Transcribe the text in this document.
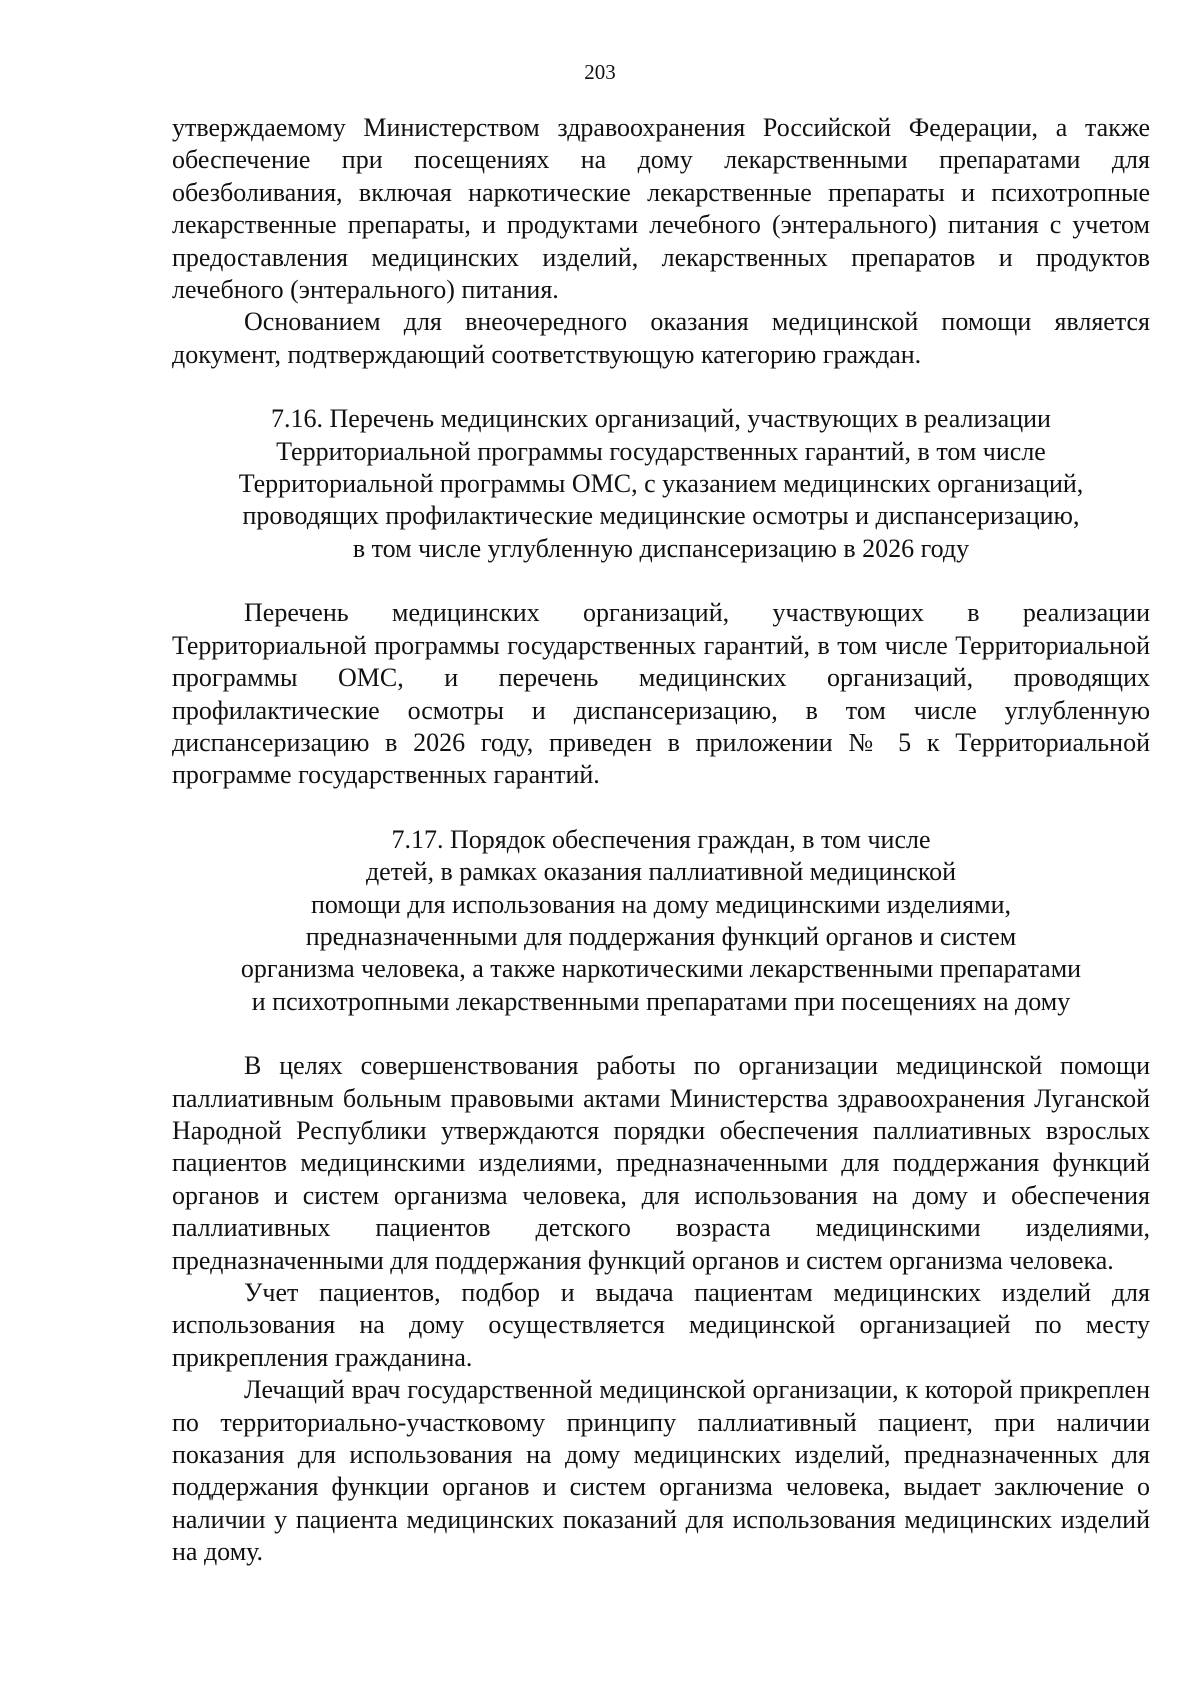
203

утверждаемому Министерством здравоохранения Российской Федерации, а также обеспечение при посещениях на дому лекарственными препаратами для обезболивания, включая наркотические лекарственные препараты и психотропные лекарственные препараты, и продуктами лечебного (энтерального) питания с учетом предоставления медицинских изделий, лекарственных препаратов и продуктов лечебного (энтерального) питания.

Основанием для внеочередного оказания медицинской помощи является документ, подтверждающий соответствующую категорию граждан.

7.16. Перечень медицинских организаций, участвующих в реализации
Территориальной программы государственных гарантий, в том числе
Территориальной программы ОМС, с указанием медицинских организаций,
проводящих профилактические медицинские осмотры и диспансеризацию,
в том числе углубленную диспансеризацию в 2026 году

Перечень медицинских организаций, участвующих в реализации Территориальной программы государственных гарантий, в том числе Территориальной программы ОМС, и перечень медицинских организаций, проводящих профилактические осмотры и диспансеризацию, в том числе углубленную диспансеризацию в 2026 году, приведен в приложении № 5 к Территориальной программе государственных гарантий.

7.17. Порядок обеспечения граждан, в том числе
детей, в рамках оказания паллиативной медицинской
помощи для использования на дому медицинскими изделиями,
предназначенными для поддержания функций органов и систем
организма человека, а также наркотическими лекарственными препаратами
и психотропными лекарственными препаратами при посещениях на дому

В целях совершенствования работы по организации медицинской помощи паллиативным больным правовыми актами Министерства здравоохранения Луганской Народной Республики утверждаются порядки обеспечения паллиативных взрослых пациентов медицинскими изделиями, предназначенными для поддержания функций органов и систем организма человека, для использования на дому и обеспечения паллиативных пациентов детского возраста медицинскими изделиями, предназначенными для поддержания функций органов и систем организма человека.

Учет пациентов, подбор и выдача пациентам медицинских изделий для использования на дому осуществляется медицинской организацией по месту прикрепления гражданина.

Лечащий врач государственной медицинской организации, к которой прикреплен по территориально-участковому принципу паллиативный пациент, при наличии показания для использования на дому медицинских изделий, предназначенных для поддержания функции органов и систем организма человека, выдает заключение о наличии у пациента медицинских показаний для использования медицинских изделий на дому.
